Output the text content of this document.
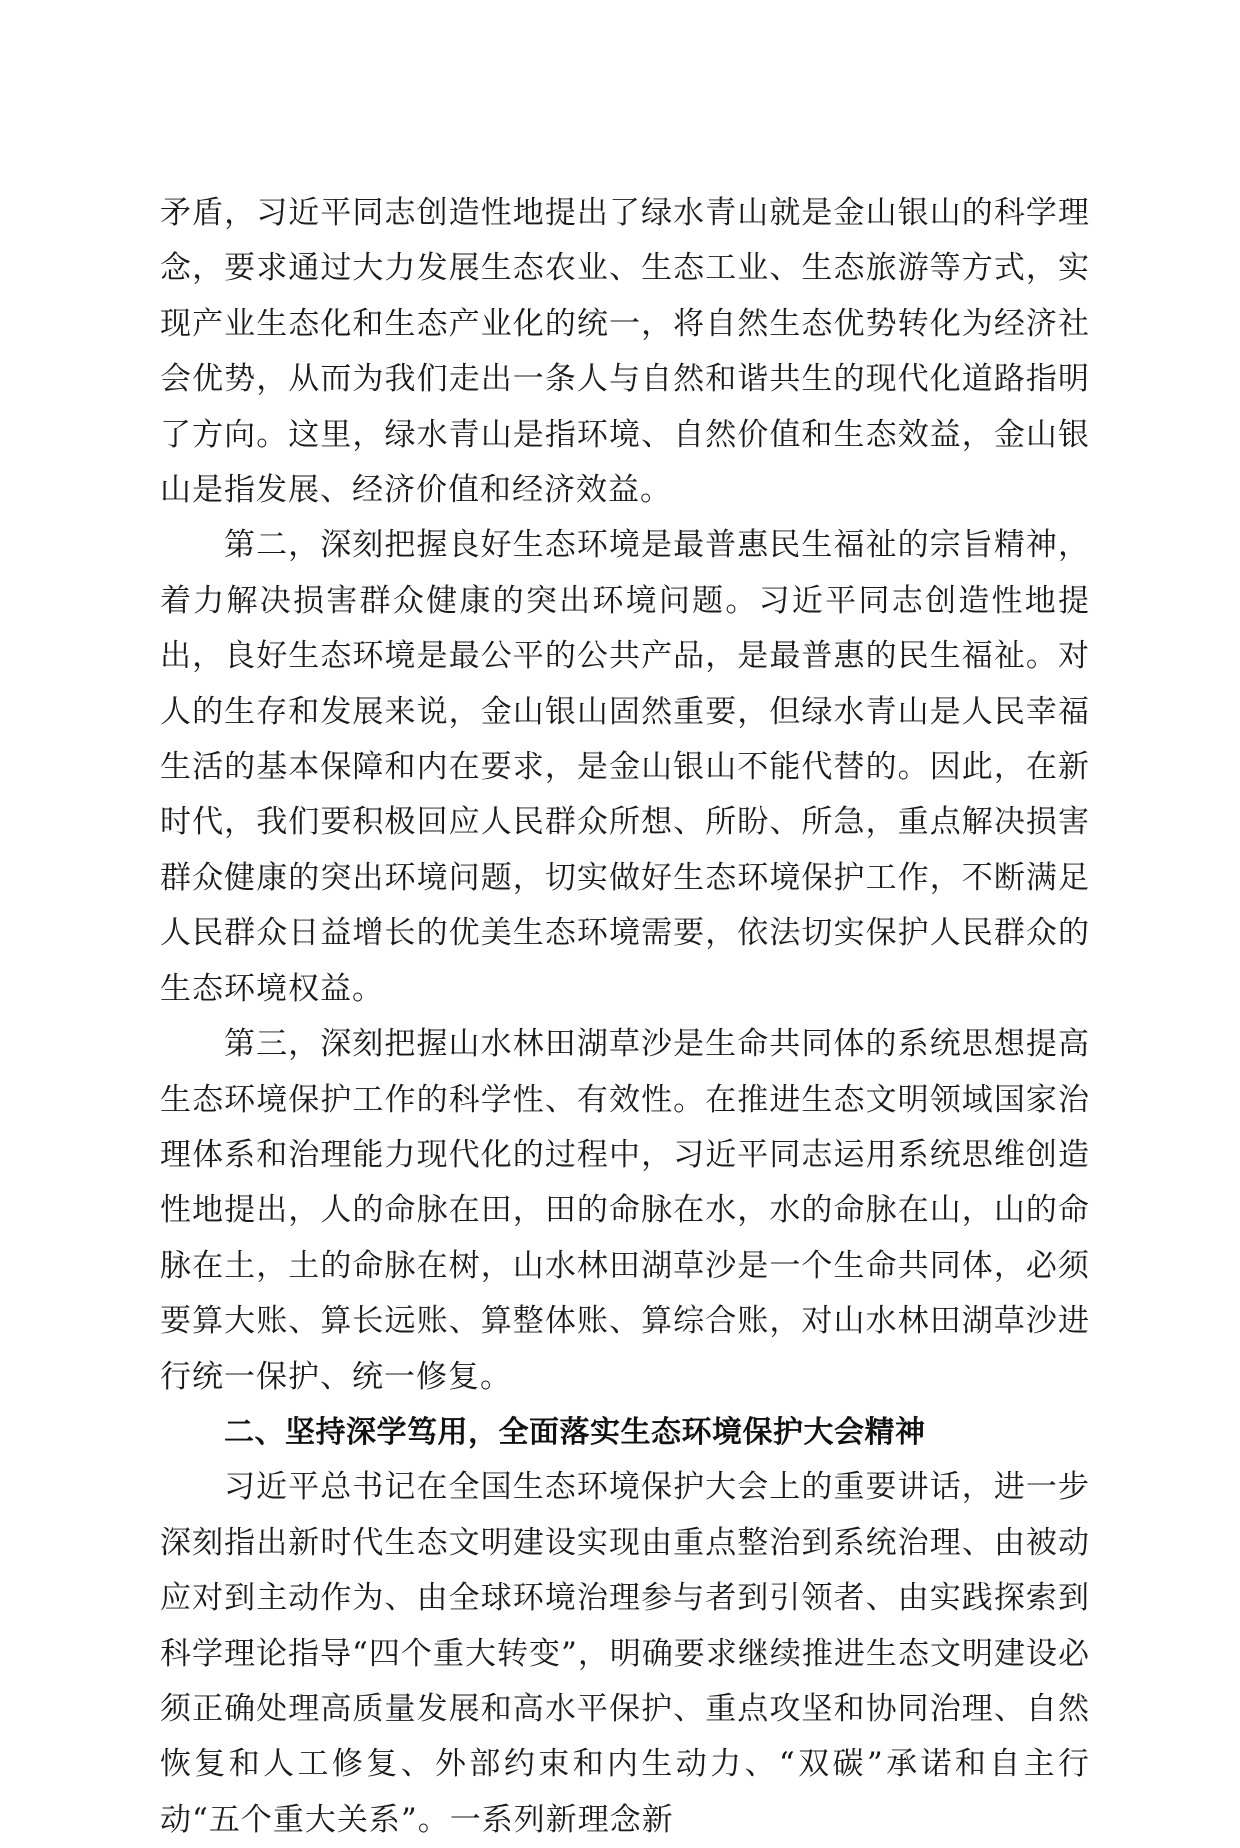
矛盾，习近平同志创造性地提出了绿水青山就是金山银山的科学理念，要求通过大力发展生态农业、生态工业、生态旅游等方式，实现产业生态化和生态产业化的统一，将自然生态优势转化为经济社会优势，从而为我们走出一条人与自然和谐共生的现代化道路指明了方向。这里，绿水青山是指环境、自然价值和生态效益，金山银山是指发展、经济价值和经济效益。

第二，深刻把握良好生态环境是最普惠民生福祉的宗旨精神，着力解决损害群众健康的突出环境问题。习近平同志创造性地提出，良好生态环境是最公平的公共产品，是最普惠的民生福祉。对人的生存和发展来说，金山银山固然重要，但绿水青山是人民幸福生活的基本保障和内在要求，是金山银山不能代替的。因此，在新时代，我们要积极回应人民群众所想、所盼、所急，重点解决损害群众健康的突出环境问题，切实做好生态环境保护工作，不断满足人民群众日益增长的优美生态环境需要，依法切实保护人民群众的生态环境权益。

第三，深刻把握山水林田湖草沙是生命共同体的系统思想提高生态环境保护工作的科学性、有效性。在推进生态文明领域国家治理体系和治理能力现代化的过程中，习近平同志运用系统思维创造性地提出，人的命脉在田，田的命脉在水，水的命脉在山，山的命脉在土，土的命脉在树，山水林田湖草沙是一个生命共同体，必须要算大账、算长远账、算整体账、算综合账，对山水林田湖草沙进行统一保护、统一修复。

二、坚持深学笃用，全面落实生态环境保护大会精神

习近平总书记在全国生态环境保护大会上的重要讲话，进一步深刻指出新时代生态文明建设实现由重点整治到系统治理、由被动应对到主动作为、由全球环境治理参与者到引领者、由实践探索到科学理论指导“四个重大转变”，明确要求继续推进生态文明建设必须正确处理高质量发展和高水平保护、重点攻坚和协同治理、自然恢复和人工修复、外部约束和内生动力、“双碳”承诺和自主行动“五个重大关系”。一系列新理念新
